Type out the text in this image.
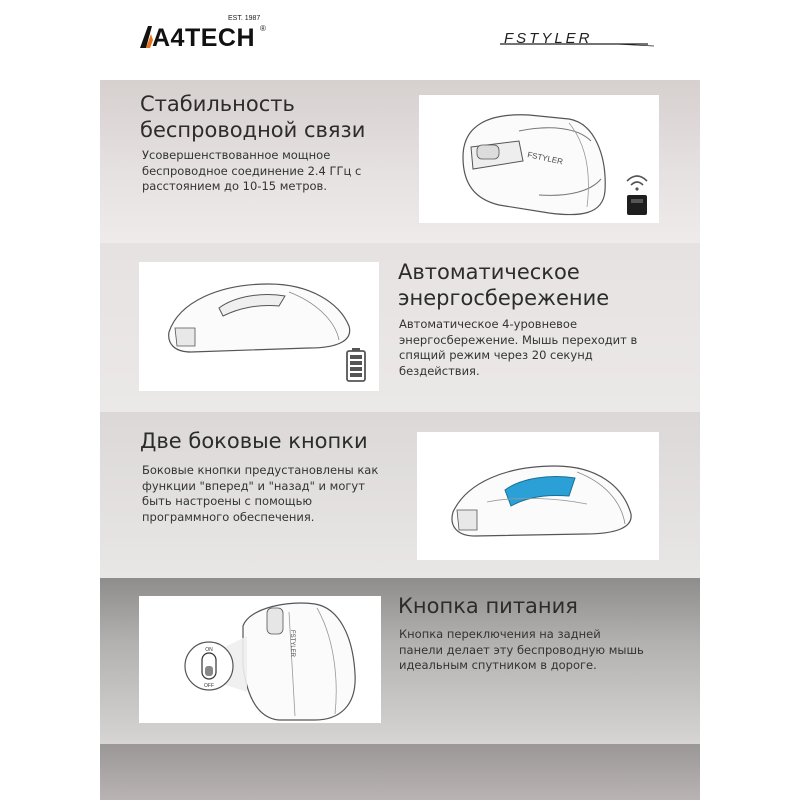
A4TECH
EST. 1987
®
FSTYLER
Стабильность
беспроводной связи

Усовершенствованное мощное
беспроводное соединение 2.4 ГГц с
расстоянием до 10-15 метров.

FSTYLER
Автоматическое
энергосбережение

Автоматическое 4-уровневое
энергосбережение. Мышь переходит в
спящий режим через 20 секунд
бездействия.

Две боковые кнопки

Боковые кнопки предустановлены как
функции "вперед" и "назад" и могут
быть настроены с помощью
программного обеспечения.

FSTYLER
ON
OFF
Кнопка питания

Кнопка переключения на задней
панели делает эту беспроводную мышь
идеальным спутником в дороге.
